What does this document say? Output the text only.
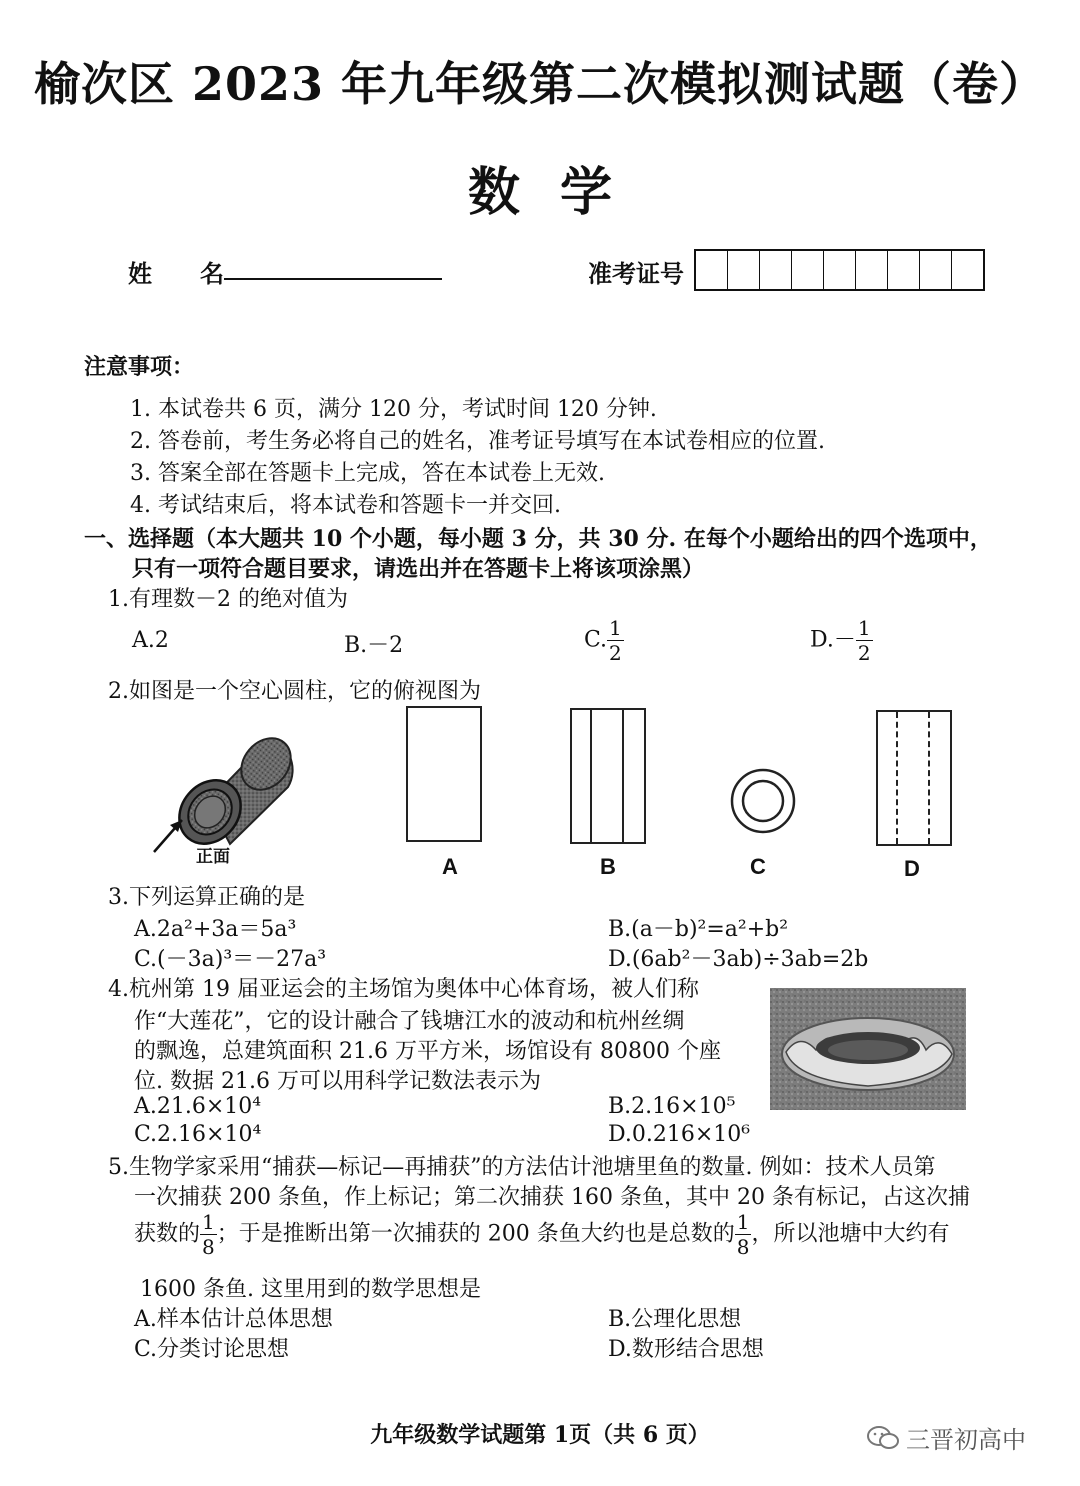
榆次区 2023 年九年级第二次模拟测试题（卷）
数学
姓　　名	准考证号
注意事项：
1. 本试卷共 6 页，满分 120 分，考试时间 120 分钟.
2. 答卷前，考生务必将自己的姓名，准考证号填写在本试卷相应的位置.
3. 答案全部在答题卡上完成，答在本试卷上无效.
4. 考试结束后，将本试卷和答题卡一并交回.
一、选择题（本大题共 10 个小题，每小题 3 分，共 30 分. 在每个小题给出的四个选项中，
只有一项符合题目要求，请选出并在答题卡上将该项涂黑）
1.有理数－2 的绝对值为
A.2	B.－2	C. $\frac{1}{2}$	$D.- \frac{1}{2}$
2.如图是一个空心圆柱，它的俯视图为
正面	A	B	C	D
3.下列运算正确的是
A.2a²+3a＝5a³	B.(a－b)²=a²+b²
C.(－3a)³＝－27a³	D.(6ab²－3ab)÷3ab=2b
4.杭州第 19 届亚运会的主场馆为奥体中心体育场，被人们称
作“大莲花”，它的设计融合了钱塘江水的波动和杭州丝绸
的飘逸，总建筑面积 21.6 万平方米，场馆设有 80800 个座
位. 数据 21.6 万可以用科学记数法表示为
A.21.6×10⁴	B.2.16×10⁵
C.2.16×10⁴	D.0.216×10⁶
5.生物学家采用“捕获—标记—再捕获”的方法估计池塘里鱼的数量. 例如：技术人员第
一次捕获 200 条鱼，作上标记；第二次捕获 160 条鱼，其中 20 条有标记，占这次捕
获数的 $\frac{1}{8}$ ；于是推断出第一次捕获的 200 条鱼大约也是总数的 $\frac{1}{8}$ ，所以池塘中大约有
1600 条鱼. 这里用到的数学思想是
A.样本估计总体思想	B.公理化思想
C.分类讨论思想	D.数形结合思想
九年级数学试题第 1页（共 6 页）	三晋初高中
